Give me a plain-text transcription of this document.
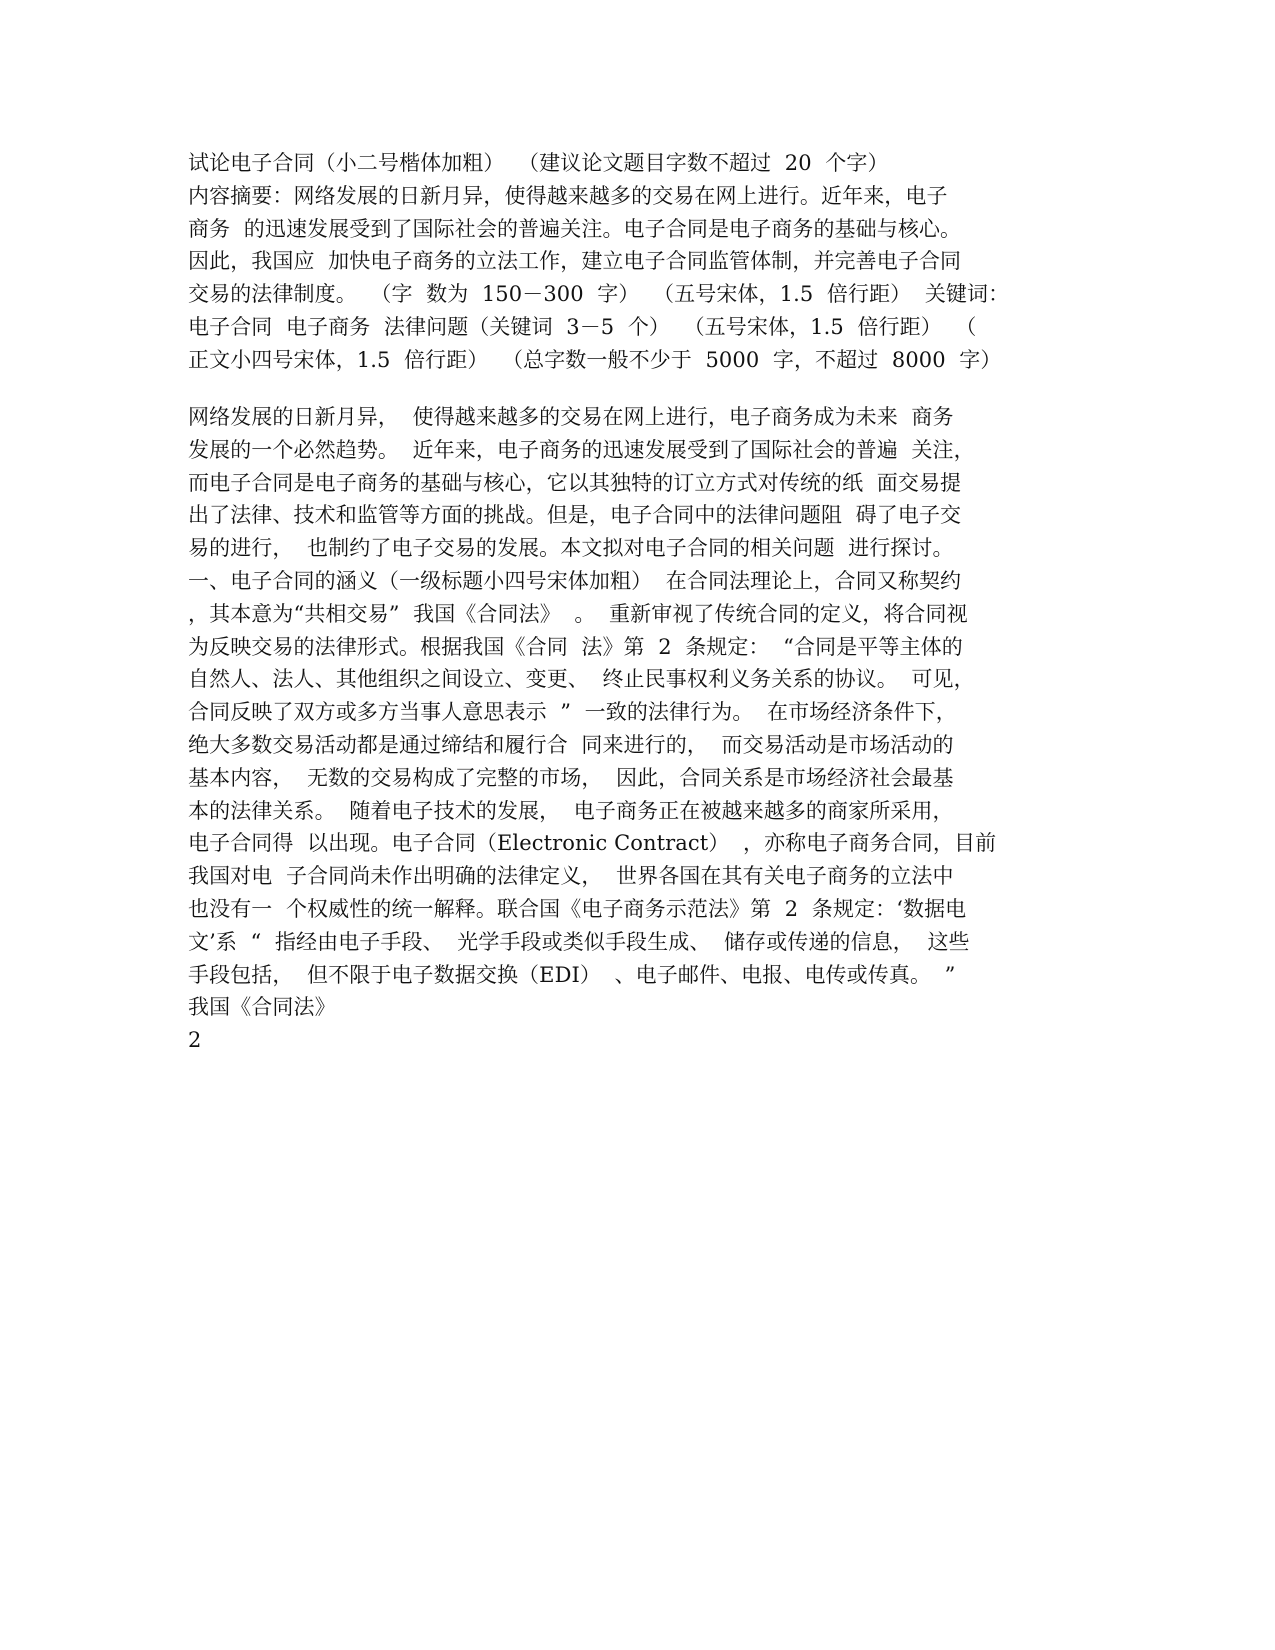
试论电子合同（小二号楷体加粗）  （建议论文题目字数不超过  20  个字）
内容摘要：网络发展的日新月异，使得越来越多的交易在网上进行。近年来，电子
商务  的迅速发展受到了国际社会的普遍关注。电子合同是电子商务的基础与核心。
因此，我国应  加快电子商务的立法工作，建立电子合同监管体制，并完善电子合同
交易的法律制度。  （字  数为  150－300  字）  （五号宋体，1.5  倍行距）  关键词：
电子合同  电子商务  法律问题（关键词  3－5  个）  （五号宋体，1.5  倍行距）  （
正文小四号宋体，1.5  倍行距）  （总字数一般不少于  5000  字，不超过  8000  字）
网络发展的日新月异，  使得越来越多的交易在网上进行，电子商务成为未来  商务
发展的一个必然趋势。  近年来，电子商务的迅速发展受到了国际社会的普遍  关注，
而电子合同是电子商务的基础与核心，它以其独特的订立方式对传统的纸  面交易提
出了法律、技术和监管等方面的挑战。但是，电子合同中的法律问题阻  碍了电子交
易的进行，  也制约了电子交易的发展。本文拟对电子合同的相关问题  进行探讨。
一、电子合同的涵义（一级标题小四号宋体加粗）  在合同法理论上，合同又称契约
，其本意为“共相交易”  我国《合同法》  。  重新审视了传统合同的定义，将合同视
为反映交易的法律形式。根据我国《合同  法》第  2  条规定：  “合同是平等主体的
自然人、法人、其他组织之间设立、变更、  终止民事权利义务关系的协议。  可见，
合同反映了双方或多方当事人意思表示  ”  一致的法律行为。  在市场经济条件下，
绝大多数交易活动都是通过缔结和履行合  同来进行的，  而交易活动是市场活动的
基本内容，  无数的交易构成了完整的市场，  因此，合同关系是市场经济社会最基
本的法律关系。  随着电子技术的发展，  电子商务正在被越来越多的商家所采用，
电子合同得  以出现。电子合同（Electronic Contract）  ，亦称电子商务合同，目前
我国对电  子合同尚未作出明确的法律定义，  世界各国在其有关电子商务的立法中
也没有一  个权威性的统一解释。联合国《电子商务示范法》第  2  条规定：‘数据电
文’系  “  指经由电子手段、  光学手段或类似手段生成、  储存或传递的信息，  这些
手段包括，  但不限于电子数据交换（EDI）  、电子邮件、电报、电传或传真。  ”
我国《合同法》
2
